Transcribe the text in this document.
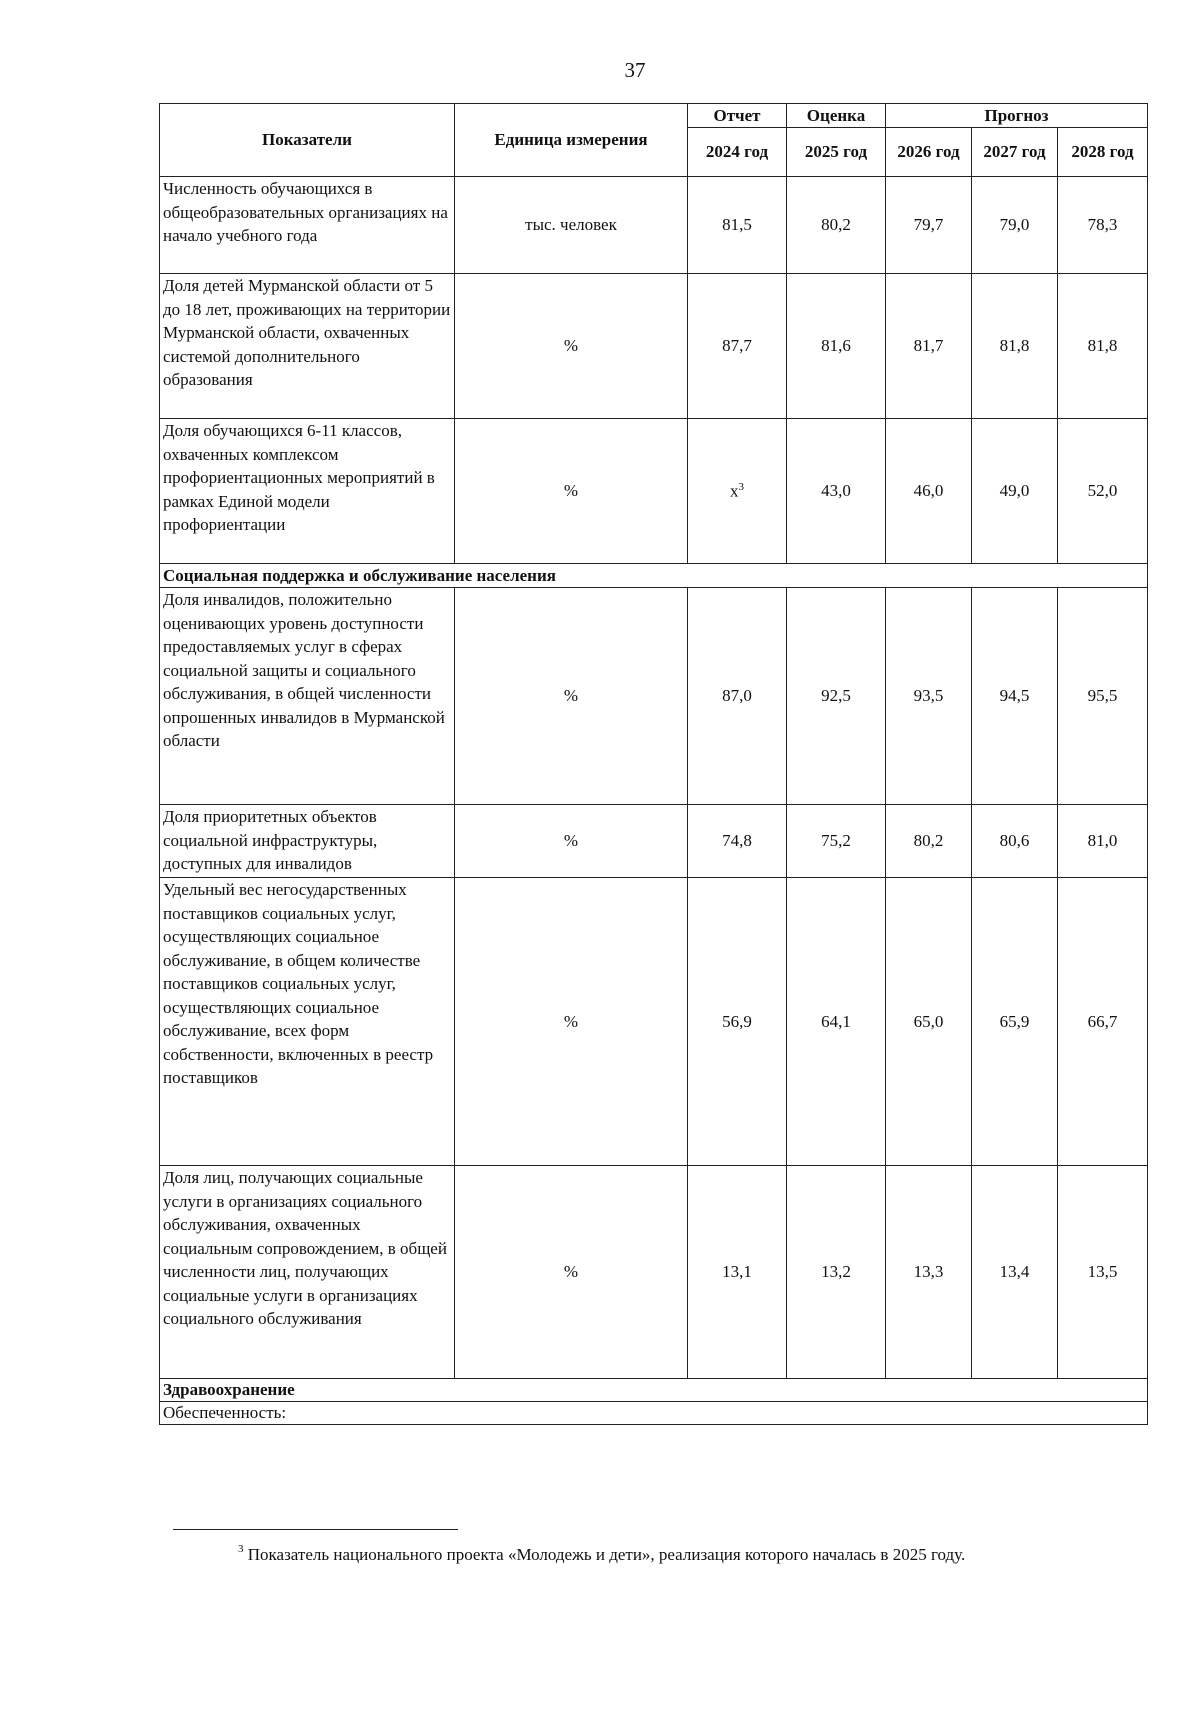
37
Показатели	Единица измерения	Отчет	Оценка	Прогноз		
		2024 год	2025 год	2026 год	2027 год	2028 год
Численность обучающихся в общеобразовательных организациях на начало учебного года	тыс. человек	81,5	80,2	79,7	79,0	78,3
Доля детей Мурманской области от 5 до 18 лет, проживающих на территории Мурманской области, охваченных системой дополнительного образования	%	87,7	81,6	81,7	81,8	81,8
Доля обучающихся 6-11 классов, охваченных комплексом профориентационных мероприятий в рамках Единой модели профориентации	%	$х^3$	43,0	46,0	49,0	52,0
Социальная поддержка и обслуживание населения						
Доля инвалидов, положительно оценивающих уровень доступности предоставляемых услуг в сферах социальной защиты и социального обслуживания, в общей численности опрошенных инвалидов в Мурманской области	%	87,0	92,5	93,5	94,5	95,5
Доля приоритетных объектов социальной инфраструктуры, доступных для инвалидов	%	74,8	75,2	80,2	80,6	81,0
Удельный вес негосударственных поставщиков социальных услуг, осуществляющих социальное обслуживание, в общем количестве поставщиков социальных услуг, осуществляющих социальное обслуживание, всех форм собственности, включенных в реестр поставщиков	%	56,9	64,1	65,0	65,9	66,7
Доля лиц, получающих социальные услуги в организациях социального обслуживания, охваченных социальным сопровождением, в общей численности лиц, получающих социальные услуги в организациях социального обслуживания	%	13,1	13,2	13,3	13,4	13,5
Здравоохранение						
Обеспеченность:						
$^3$ Показатель национального проекта «Молодежь и дети», реализация которого началась в 2025 году.
